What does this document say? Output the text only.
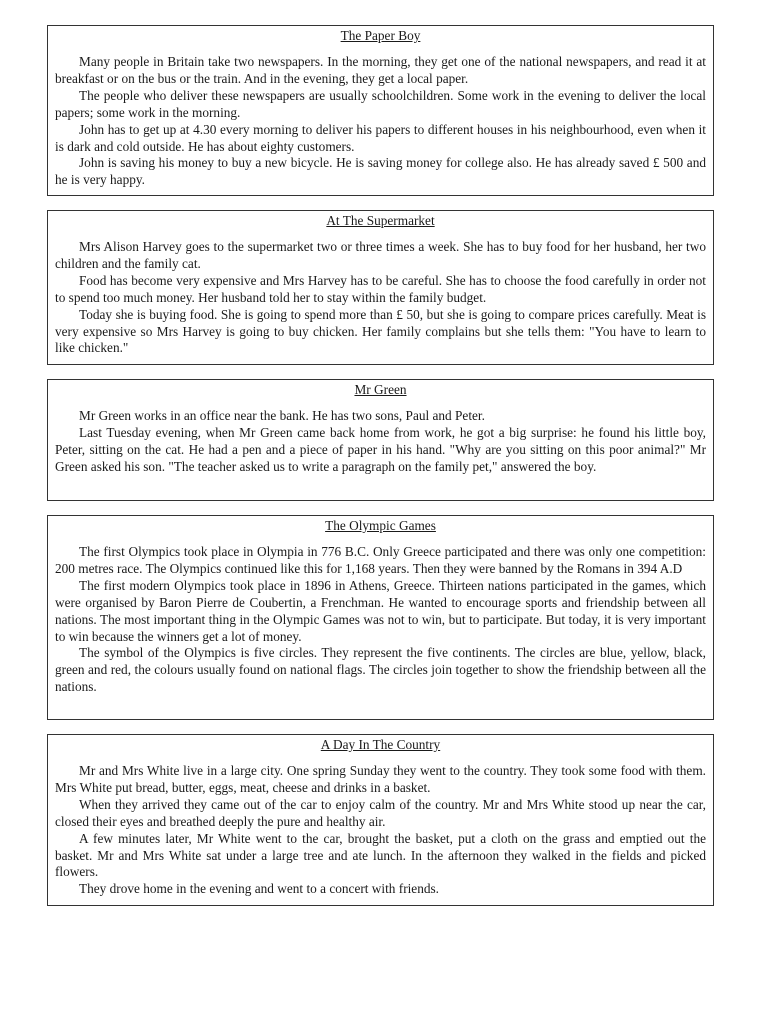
The Paper Boy

Many people in Britain take two newspapers. In the morning, they get one of the national newspapers, and read it at breakfast or on the bus or the train. And in the evening, they get a local paper.

The people who deliver these newspapers are usually schoolchildren. Some work in the evening to deliver the local papers; some work in the morning.

John has to get up at 4.30 every morning to deliver his papers to different houses in his neighbourhood, even when it is dark and cold outside. He has about eighty customers.

John is saving his money to buy a new bicycle. He is saving money for college also. He has already saved £ 500 and he is very happy.

At The Supermarket

Mrs Alison Harvey goes to the supermarket two or three times a week. She has to buy food for her husband, her two children and the family cat.

Food has become very expensive and Mrs Harvey has to be careful. She has to choose the food carefully in order not to spend too much money. Her husband told her to stay within the family budget.

Today she is buying food. She is going to spend more than £ 50, but she is going to compare prices carefully. Meat is very expensive so Mrs Harvey is going to buy chicken. Her family complains but she tells them: "You have to learn to like chicken."

Mr Green

Mr Green works in an office near the bank. He has two sons, Paul and Peter.

Last Tuesday evening, when Mr Green came back home from work, he got a big surprise: he found his little boy, Peter, sitting on the cat. He had a pen and a piece of paper in his hand. "Why are you sitting on this poor animal?" Mr Green asked his son. "The teacher asked us to write a paragraph on the family pet," answered the boy.

The Olympic Games

The first Olympics took place in Olympia in 776 B.C. Only Greece participated and there was only one competition: 200 metres race. The Olympics continued like this for 1,168 years. Then they were banned by the Romans in 394 A.D

The first modern Olympics took place in 1896 in Athens, Greece. Thirteen nations participated in the games, which were organised by Baron Pierre de Coubertin, a Frenchman. He wanted to encourage sports and friendship between all nations. The most important thing in the Olympic Games was not to win, but to participate. But today, it is very important to win because the winners get a lot of money.

The symbol of the Olympics is five circles. They represent the five continents. The circles are blue, yellow, black, green and red, the colours usually found on national flags. The circles join together to show the friendship between all the nations.

A Day In The Country

Mr and Mrs White live in a large city. One spring Sunday they went to the country. They took some food with them. Mrs White put bread, butter, eggs, meat, cheese and drinks in a basket.

When they arrived they came out of the car to enjoy calm of the country. Mr and Mrs White stood up near the car, closed their eyes and breathed deeply the pure and healthy air.

A few minutes later, Mr White went to the car, brought the basket, put a cloth on the grass and emptied out the basket. Mr and Mrs White sat under a large tree and ate lunch. In the afternoon they walked in the fields and picked flowers.

They drove home in the evening and went to a concert with friends.
